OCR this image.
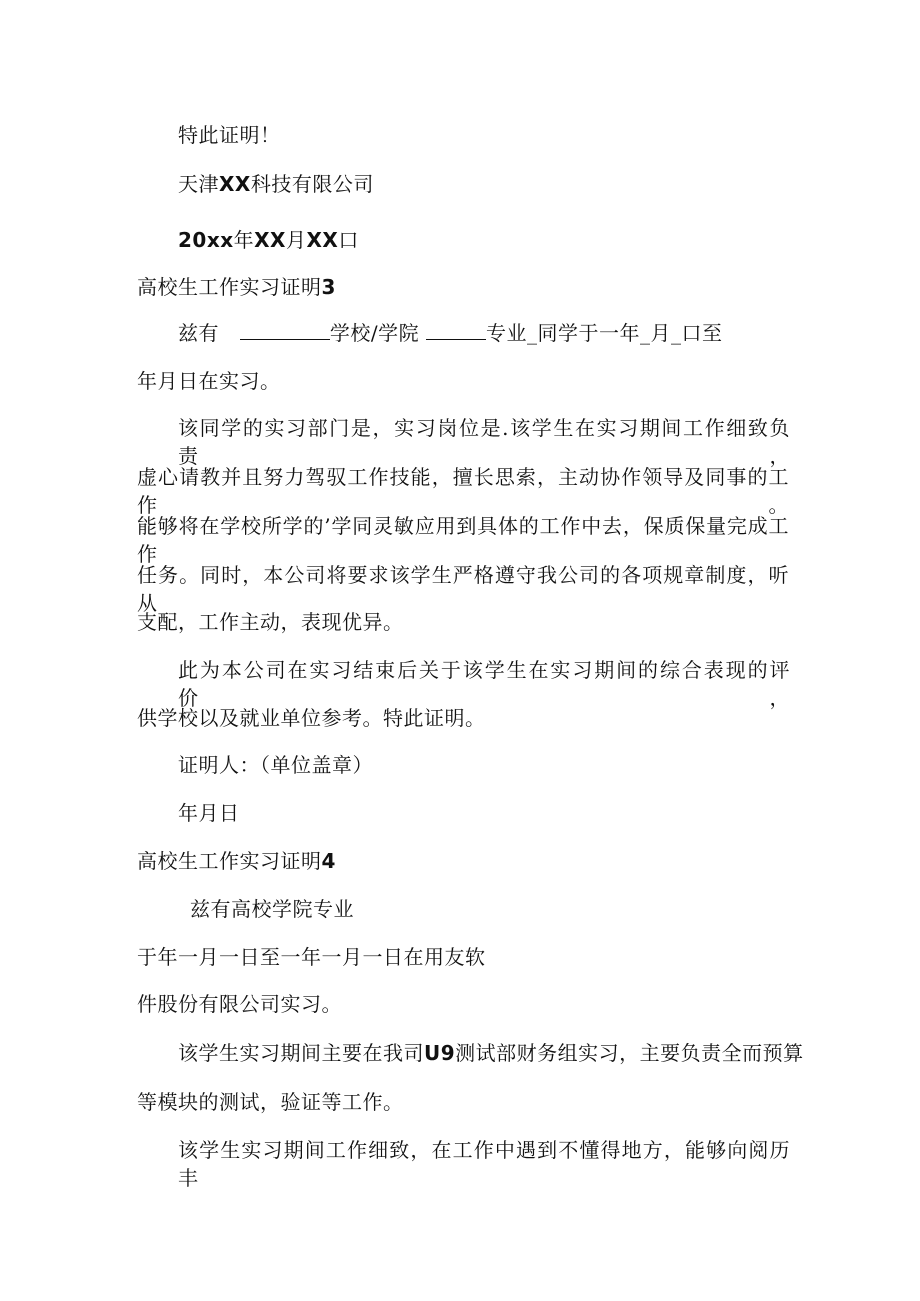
特此证明！
天津XX科技有限公司
20xx年XX月XX口
高校生工作实习证明3
兹有	学校/学院	专业_同学于一年_月_口至
年月日在实习。
该同学的实习部门是，实习岗位是.该学生在实习期间工作细致负责，
虚心请教并且努力驾驭工作技能，擅长思索，主动协作领导及同事的工作。
能够将在学校所学的’学同灵敏应用到具体的工作中去，保质保量完成工作
任务。同时，本公司将要求该学生严格遵守我公司的各项规章制度，听从
支配，工作主动，表现优异。
此为本公司在实习结束后关于该学生在实习期间的综合表现的评价，
供学校以及就业单位参考。特此证明。
证明人：（单位盖章）
年月日
高校生工作实习证明4
兹有高校学院专业
于年一月一日至一年一月一日在用友软
件股份有限公司实习。
该学生实习期间主要在我司U9测试部财务组实习，主要负责全而预算
等模块的测试，验证等工作。
该学生实习期间工作细致，在工作中遇到不懂得地方，能够向阅历丰
